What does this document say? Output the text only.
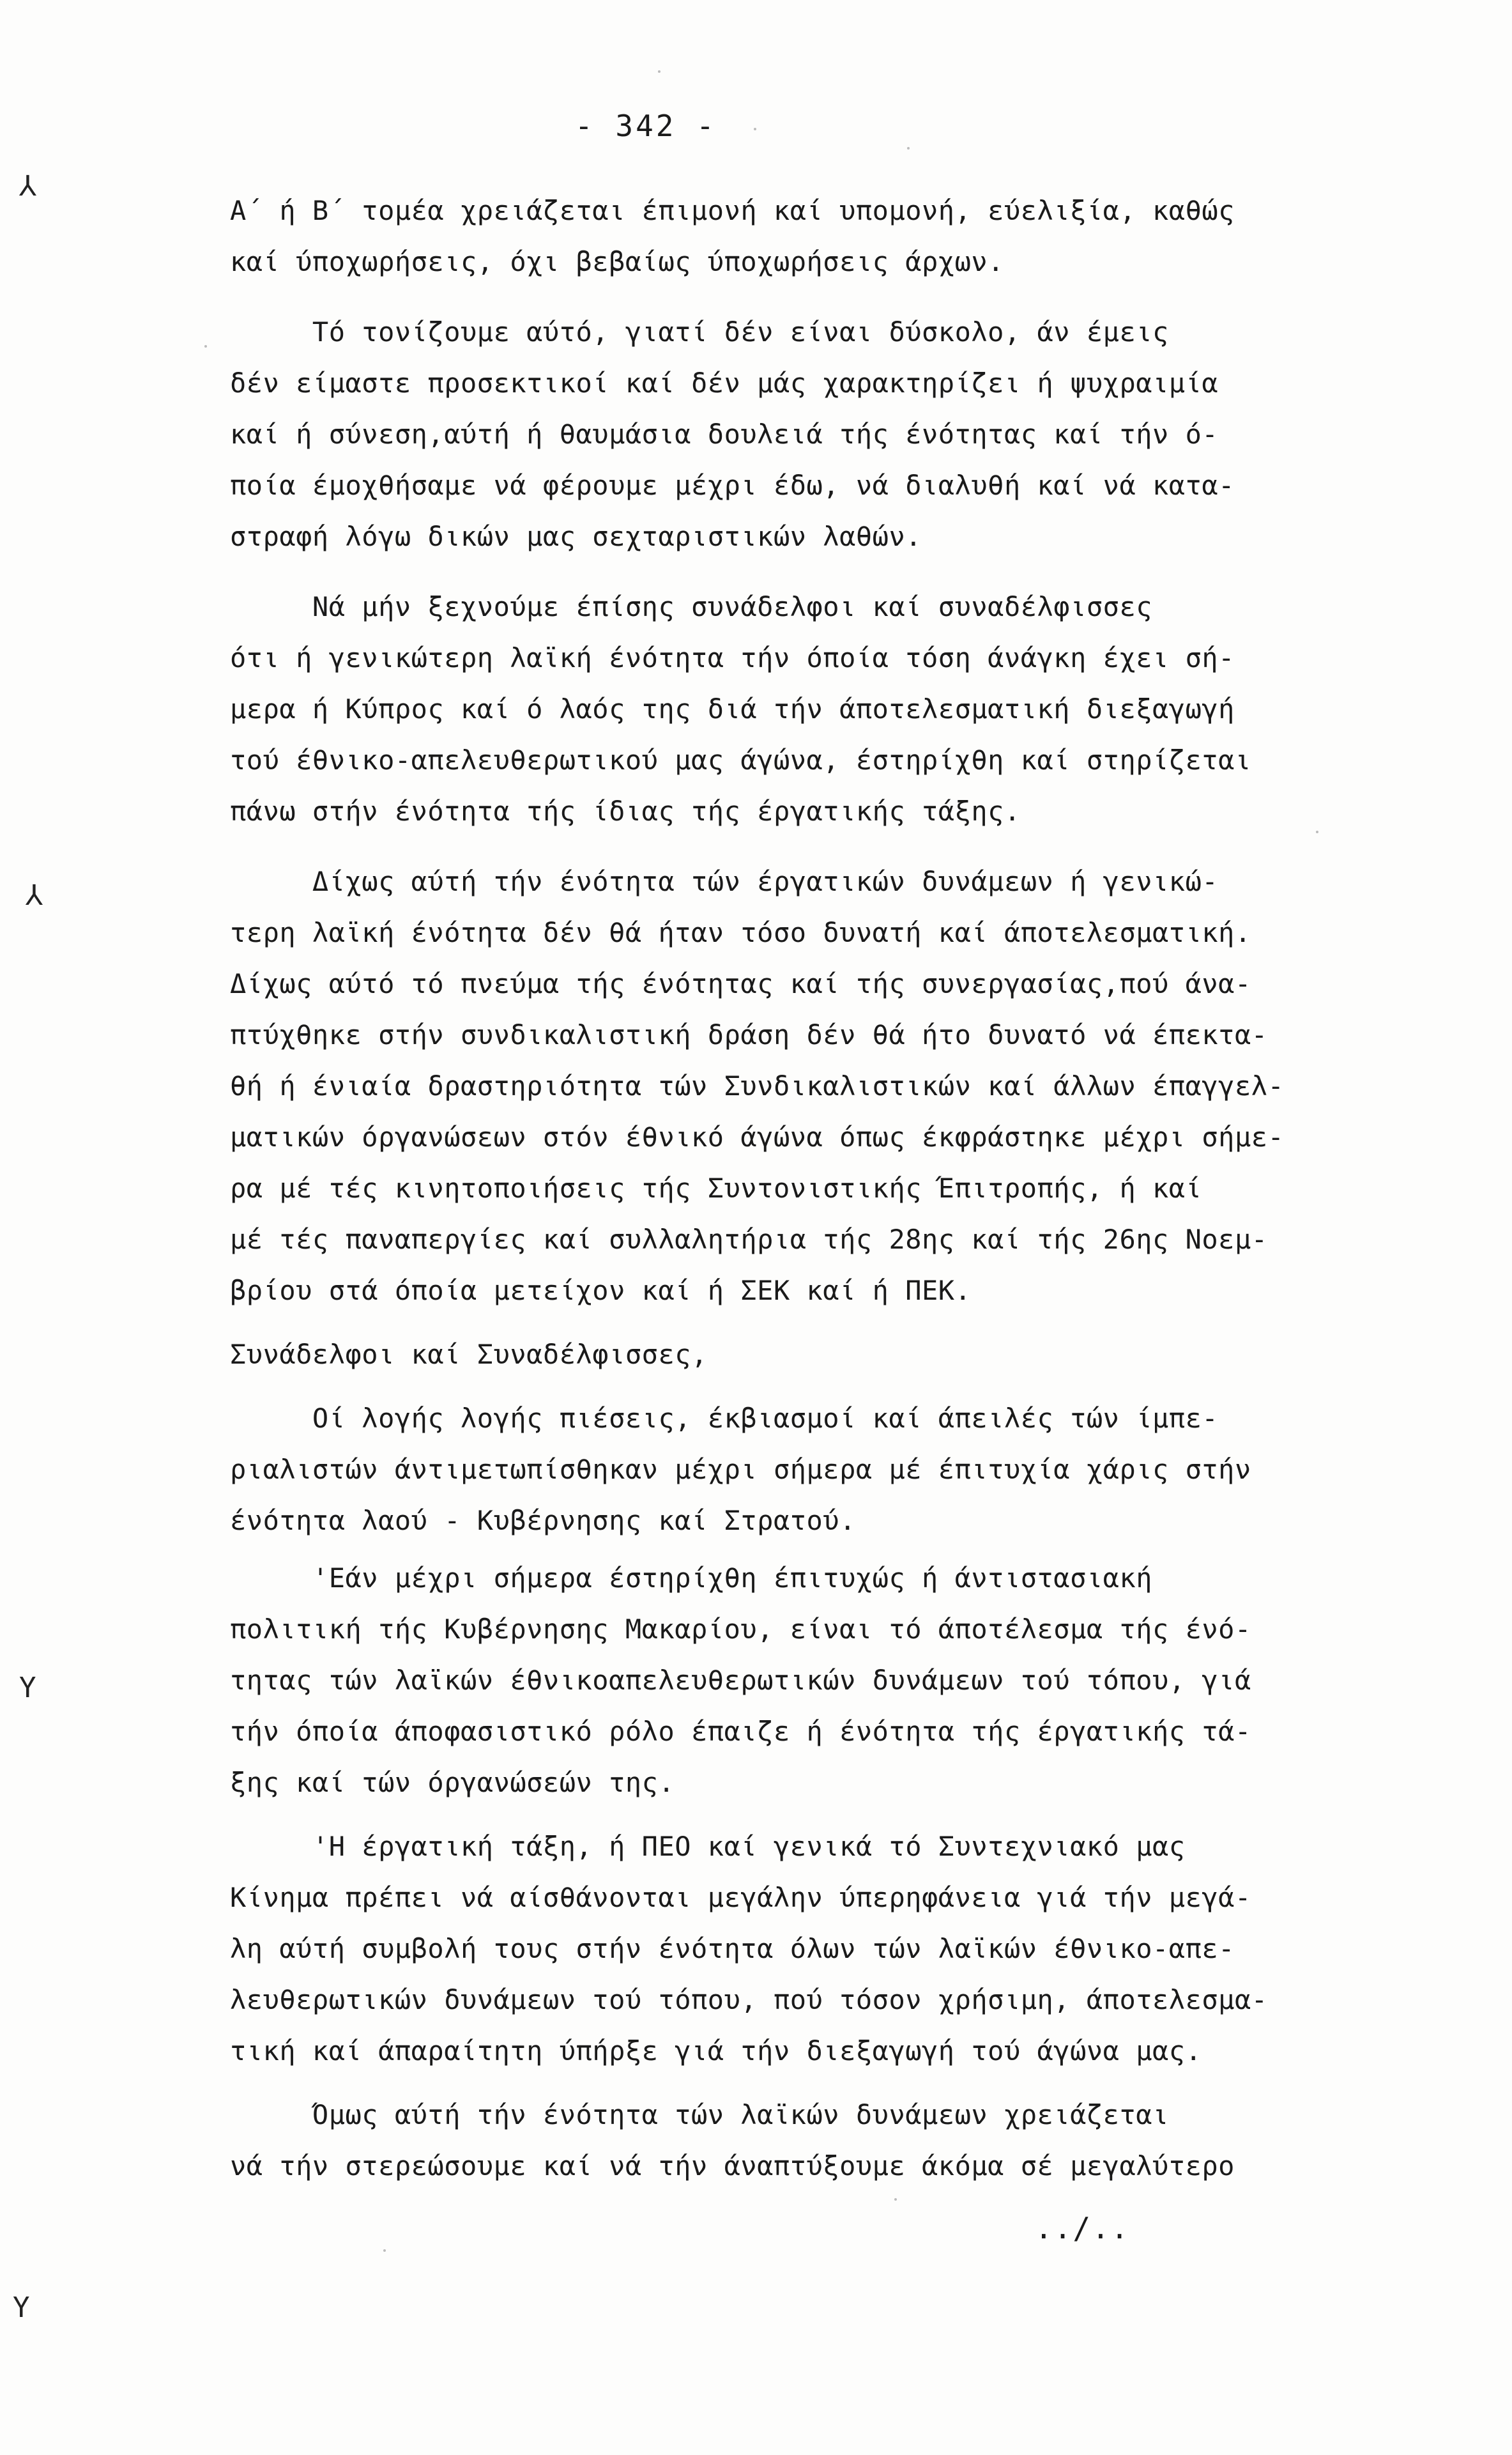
- 342 -
⅄
⅄
Y
Y
Α΄ ή Β΄ τομέα χρειάζεται έπιμονή καί υπομονή, εύελιξία, καθώς
καί ύποχωρήσεις, όχι βεβαίως ύποχωρήσεις άρχων.
Τό τονίζουμε αύτό, γιατί δέν είναι δύσκολο, άν έμεις
δέν είμαστε προσεκτικοί καί δέν μάς χαρακτηρίζει ή ψυχραιμία
καί ή σύνεση,αύτή ή θαυμάσια δουλειά τής ένότητας καί τήν ό-
ποία έμοχθήσαμε νά φέρουμε μέχρι έδω, νά διαλυθή καί νά κατα-
στραφή λόγω δικών μας σεχταριστικών λαθών.
Νά μήν ξεχνούμε έπίσης συνάδελφοι καί συναδέλφισσες
ότι ή γενικώτερη λαϊκή ένότητα τήν όποία τόση άνάγκη έχει σή-
μερα ή Κύπρος καί ό λαός της διά τήν άποτελεσματική διεξαγωγή
τού έθνικο-απελευθερωτικού μας άγώνα, έστηρίχθη καί στηρίζεται
πάνω στήν ένότητα τής ίδιας τής έργατικής τάξης.
Δίχως αύτή τήν ένότητα τών έργατικών δυνάμεων ή γενικώ-
τερη λαϊκή ένότητα δέν θά ήταν τόσο δυνατή καί άποτελεσματική.
Δίχως αύτό τό πνεύμα τής ένότητας καί τής συνεργασίας,πού άνα-
πτύχθηκε στήν συνδικαλιστική δράση δέν θά ήτο δυνατό νά έπεκτα-
θή ή ένιαία δραστηριότητα τών Συνδικαλιστικών καί άλλων έπαγγελ-
ματικών όργανώσεων στόν έθνικό άγώνα όπως έκφράστηκε μέχρι σήμε-
ρα μέ τές κινητοποιήσεις τής Συντονιστικής Έπιτροπής, ή καί
μέ τές παναπεργίες καί συλλαλητήρια τής 28ης καί τής 26ης Νοεμ-
βρίου στά όποία μετείχον καί ή ΣΕΚ καί ή ΠΕΚ.
Συνάδελφοι καί Συναδέλφισσες,
Οί λογής λογής πιέσεις, έκβιασμοί καί άπειλές τών ίμπε-
ριαλιστών άντιμετωπίσθηκαν μέχρι σήμερα μέ έπιτυχία χάρις στήν
ένότητα λαού - Κυβέρνησης καί Στρατού.
'Εάν μέχρι σήμερα έστηρίχθη έπιτυχώς ή άντιστασιακή
πολιτική τής Κυβέρνησης Μακαρίου, είναι τό άποτέλεσμα τής ένό-
τητας τών λαϊκών έθνικοαπελευθερωτικών δυνάμεων τού τόπου, γιά
τήν όποία άποφασιστικό ρόλο έπαιζε ή ένότητα τής έργατικής τά-
ξης καί τών όργανώσεών της.
'Η έργατική τάξη, ή ΠΕΟ καί γενικά τό Συντεχνιακό μας
Κίνημα πρέπει νά αίσθάνονται μεγάλην ύπερηφάνεια γιά τήν μεγά-
λη αύτή συμβολή τους στήν ένότητα όλων τών λαϊκών έθνικο-απε-
λευθερωτικών δυνάμεων τού τόπου, πού τόσον χρήσιμη, άποτελεσμα-
τική καί άπαραίτητη ύπήρξε γιά τήν διεξαγωγή τού άγώνα μας.
Όμως αύτή τήν ένότητα τών λαϊκών δυνάμεων χρειάζεται
νά τήν στερεώσουμε καί νά τήν άναπτύξουμε άκόμα σέ μεγαλύτερο
../..
